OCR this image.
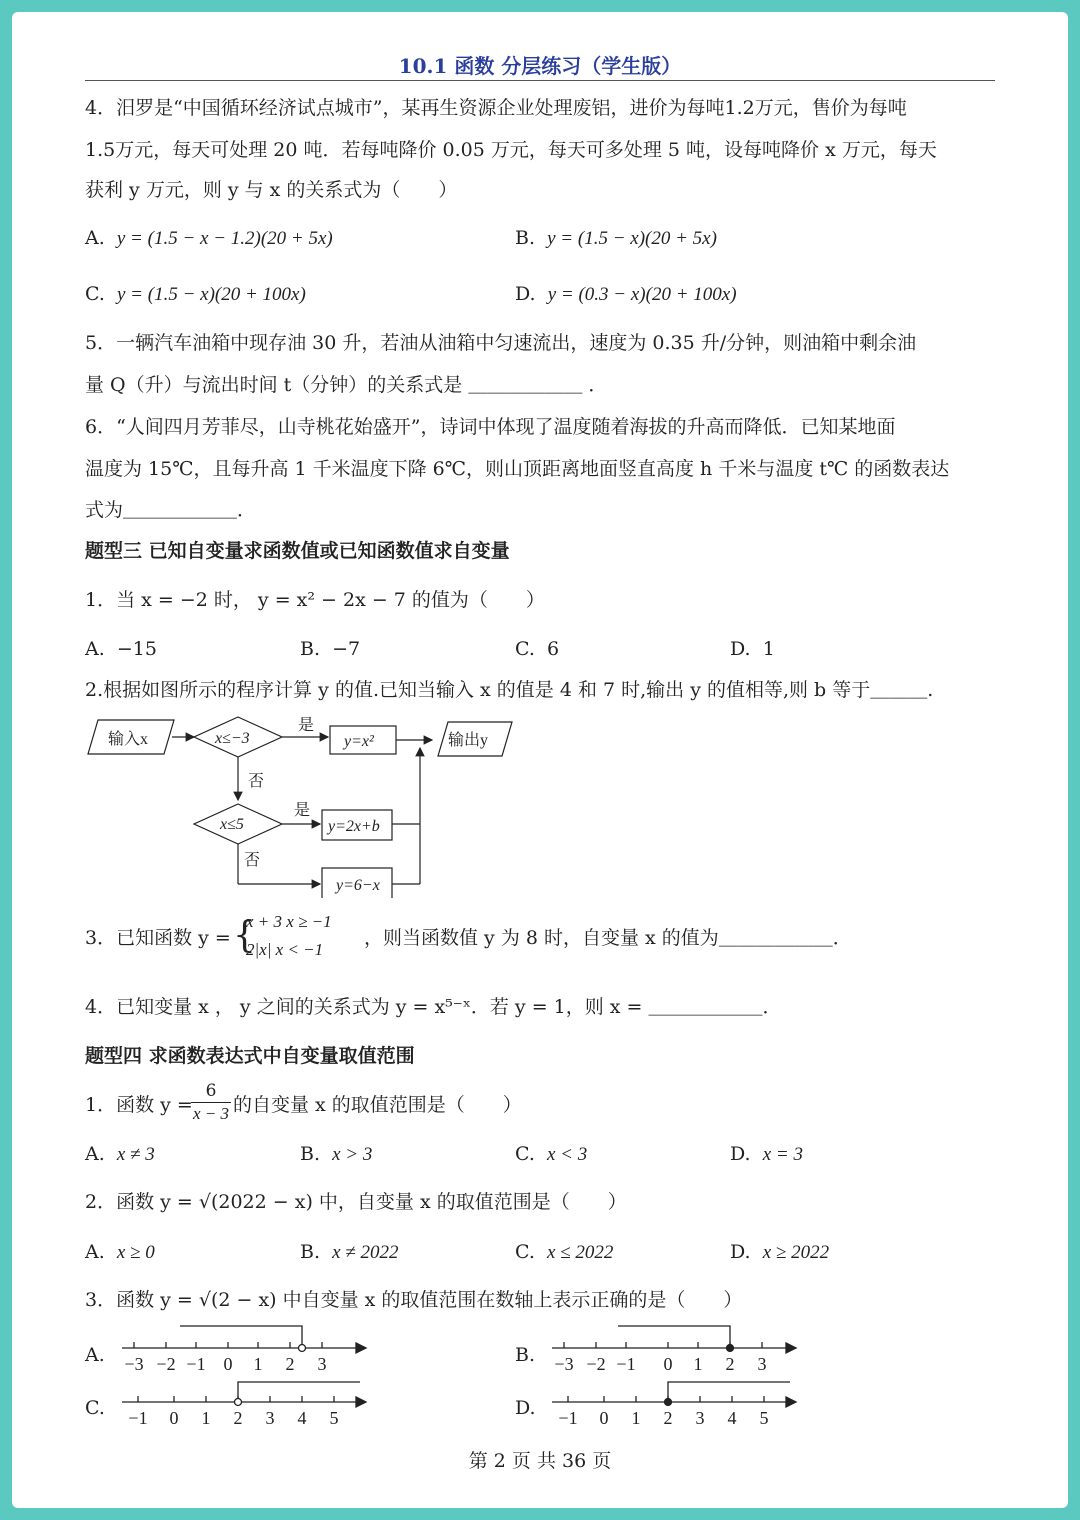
10.1 函数 分层练习（学生版）
4．汨罗是“中国循环经济试点城市”，某再生资源企业处理废铝，进价为每吨1.2万元，售价为每吨
1.5万元，每天可处理 20 吨．若每吨降价 0.05 万元，每天可多处理 5 吨，设每吨降价 x 万元，每天
获利 y 万元，则 y 与 x 的关系式为（　　）
A. y = (1.5 − x − 1.2)(20 + 5x)	B. y = (1.5 − x)(20 + 5x)
C. y = (1.5 − x)(20 + 100x)	D. y = (0.3 − x)(20 + 100x)
5．一辆汽车油箱中现存油 30 升，若油从油箱中匀速流出，速度为 0.35 升/分钟，则油箱中剩余油
量 Q（升）与流出时间 t（分钟）的关系式是 ＿＿＿＿＿＿ ．
6．“人间四月芳菲尽，山寺桃花始盛开”，诗词中体现了温度随着海拔的升高而降低．已知某地面
温度为 15℃，且每升高 1 千米温度下降 6℃，则山顶距离地面竖直高度 h 千米与温度 t℃ 的函数表达
式为＿＿＿＿＿＿．
题型三 已知自变量求函数值或已知函数值求自变量
1．当 x = −2 时， y = x² − 2x − 7 的值为（　　）
A. −15	B. −7	C. 6	D. 1
2.根据如图所示的程序计算 y 的值.已知当输入 x 的值是 4 和 7 时,输出 y 的值相等,则 b 等于＿＿＿.
输入x	x≤−3
是
否
y=x²	输出y
x≤5
是
否
y=2x+b
y=6−x
3．已知函数 y = {
x + 3 x ≥ −1
2|x| x < −1
，则当函数值 y 为 8 时，自变量 x 的值为＿＿＿＿＿＿．
4．已知变量 x ， y 之间的关系式为 y = x⁵⁻ˣ．若 y = 1，则 x = ＿＿＿＿＿＿．
题型四 求函数表达式中自变量取值范围
1．函数 y =
$\frac{6}{x - 3}$ 的自变量 x 的取值范围是（　　）
A. x ≠ 3	B. x > 3	C. x < 3	D. x = 3
2．函数 y = √(2022 − x) 中，自变量 x 的取值范围是（　　）
A. x ≥ 0	B. x ≠ 2022	C. x ≤ 2022	D. x ≥ 2022
3．函数 y = √(2 − x) 中自变量 x 的取值范围在数轴上表示正确的是（　　）
A.	B.
C.	D.
−3 −2 −1 0 1 2 3	−3 −2 −1 0 1 2 3
−1 0 1 2 3 4 5	−1 0 1 2 3 4 5
第 2 页 共 36 页
